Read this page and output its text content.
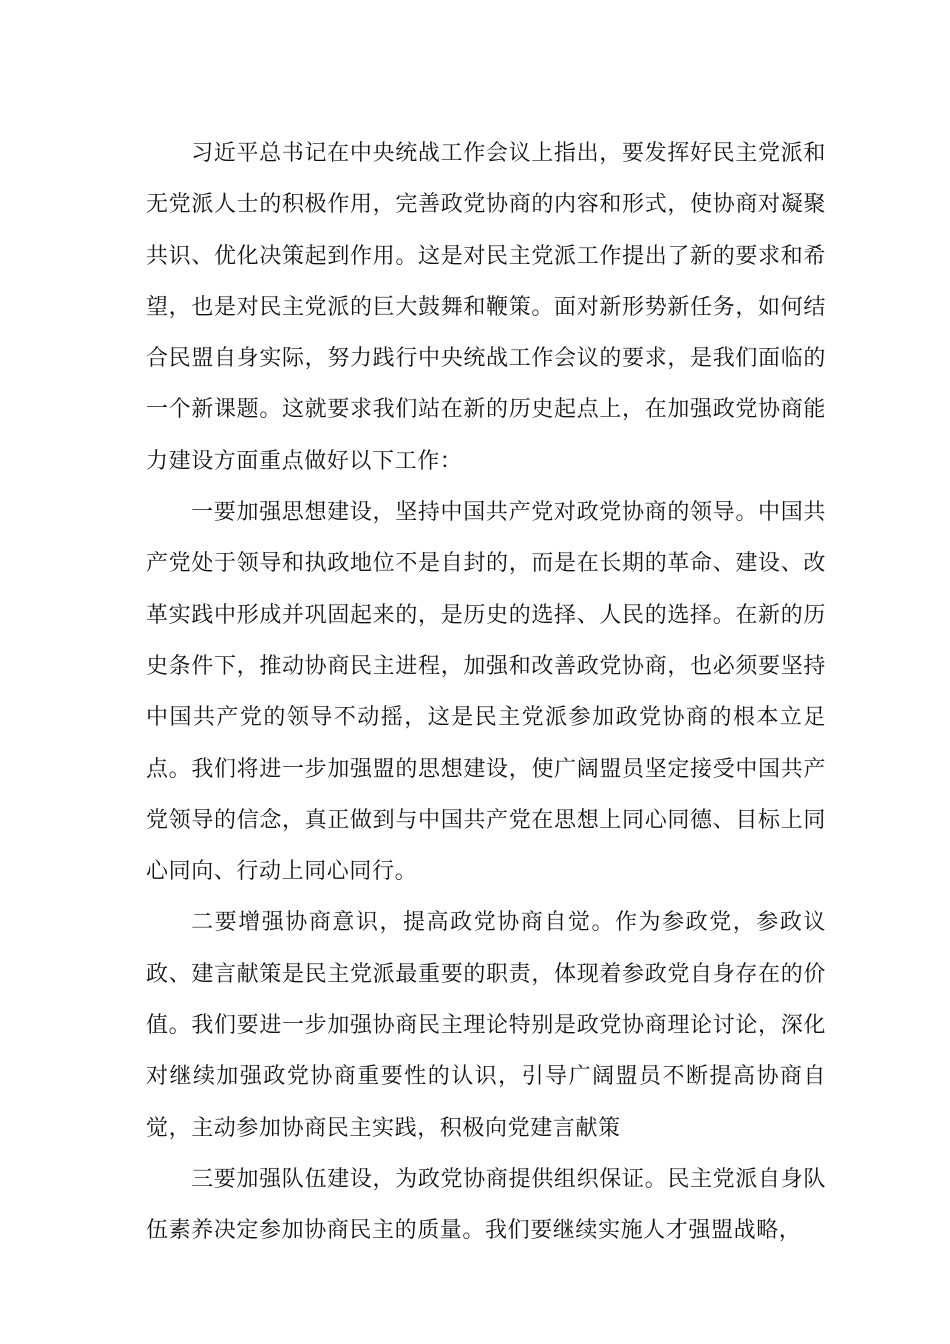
习近平总书记在中央统战工作会议上指出，要发挥好民主党派和无党派人士的积极作用，完善政党协商的内容和形式，使协商对凝聚共识、优化决策起到作用。这是对民主党派工作提出了新的要求和希望，也是对民主党派的巨大鼓舞和鞭策。面对新形势新任务，如何结合民盟自身实际，努力践行中央统战工作会议的要求，是我们面临的一个新课题。这就要求我们站在新的历史起点上，在加强政党协商能力建设方面重点做好以下工作：

一要加强思想建设，坚持中国共产党对政党协商的领导。中国共产党处于领导和执政地位不是自封的，而是在长期的革命、建设、改革实践中形成并巩固起来的，是历史的选择、人民的选择。在新的历史条件下，推动协商民主进程，加强和改善政党协商，也必须要坚持中国共产党的领导不动摇，这是民主党派参加政党协商的根本立足点。我们将进一步加强盟的思想建设，使广阔盟员坚定接受中国共产党领导的信念，真正做到与中国共产党在思想上同心同德、目标上同心同向、行动上同心同行。

二要增强协商意识，提高政党协商自觉。作为参政党，参政议政、建言献策是民主党派最重要的职责，体现着参政党自身存在的价值。我们要进一步加强协商民主理论特别是政党协商理论讨论，深化对继续加强政党协商重要性的认识，引导广阔盟员不断提高协商自觉，主动参加协商民主实践，积极向党建言献策

三要加强队伍建设，为政党协商提供组织保证。民主党派自身队伍素养决定参加协商民主的质量。我们要继续实施人才强盟战略，
